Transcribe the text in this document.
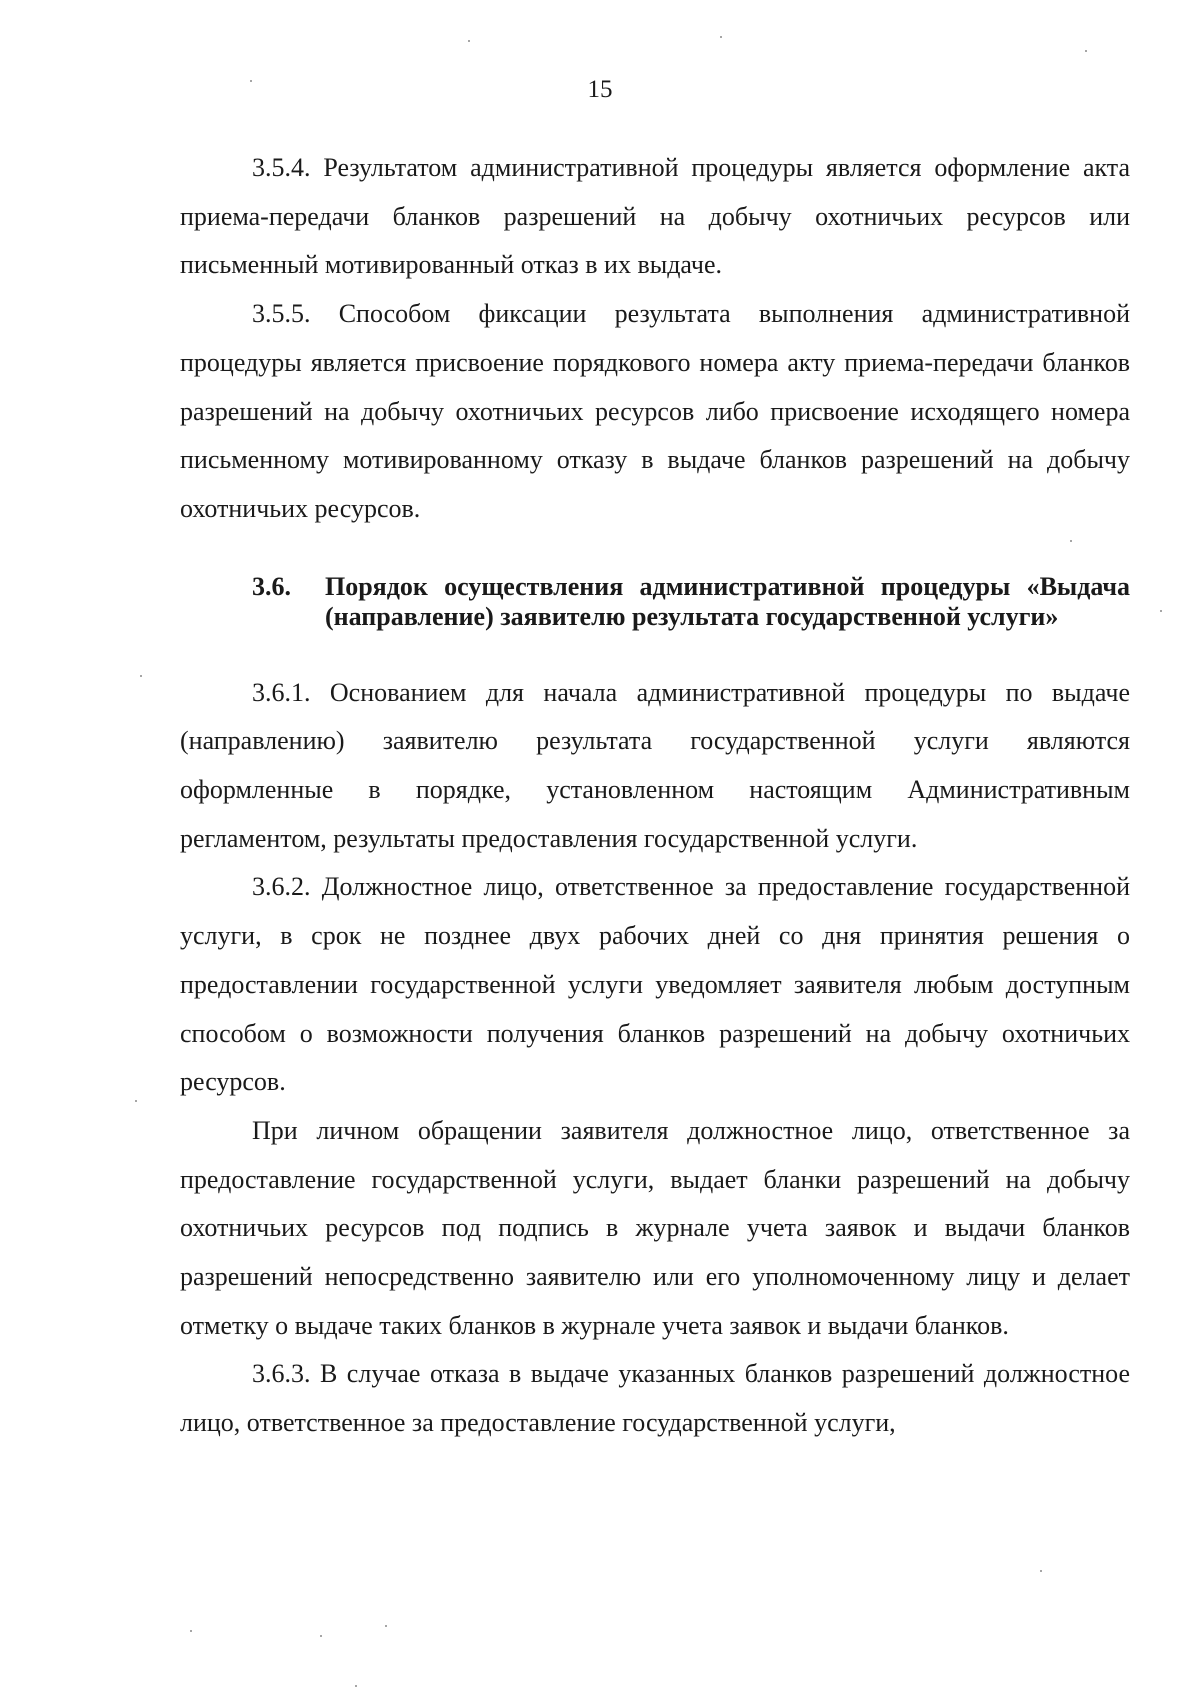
15

3.5.4. Результатом административной процедуры является оформление акта приема-передачи бланков разрешений на добычу охотничьих ресурсов или письменный мотивированный отказ в их выдаче.

3.5.5. Способом фиксации результата выполнения административной процедуры является присвоение порядкового номера акту приема-передачи бланков разрешений на добычу охотничьих ресурсов либо присвоение исходящего номера письменному мотивированному отказу в выдаче бланков разрешений на добычу охотничьих ресурсов.

3.6. Порядок осуществления административной процедуры «Выдача (направление) заявителю результата государственной услуги»

3.6.1. Основанием для начала административной процедуры по выдаче (направлению) заявителю результата государственной услуги являются оформленные в порядке, установленном настоящим Административным регламентом, результаты предоставления государственной услуги.

3.6.2. Должностное лицо, ответственное за предоставление государственной услуги, в срок не позднее двух рабочих дней со дня принятия решения о предоставлении государственной услуги уведомляет заявителя любым доступным способом о возможности получения бланков разрешений на добычу охотничьих ресурсов.

При личном обращении заявителя должностное лицо, ответственное за предоставление государственной услуги, выдает бланки разрешений на добычу охотничьих ресурсов под подпись в журнале учета заявок и выдачи бланков разрешений непосредственно заявителю или его уполномоченному лицу и делает отметку о выдаче таких бланков в журнале учета заявок и выдачи бланков.

3.6.3. В случае отказа в выдаче указанных бланков разрешений должностное лицо, ответственное за предоставление государственной услуги,
